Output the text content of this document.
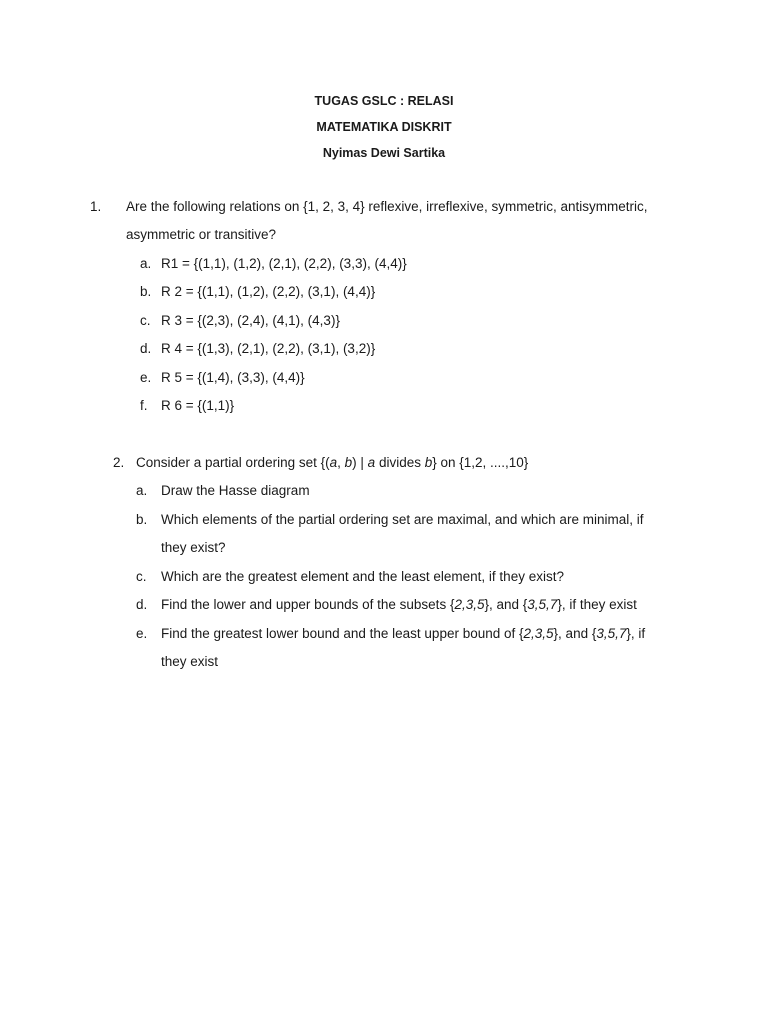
TUGAS GSLC : RELASI
MATEMATIKA DISKRIT
Nyimas Dewi Sartika
1. Are the following relations on {1, 2, 3, 4} reflexive, irreflexive, symmetric, antisymmetric,
asymmetric or transitive?
a. R1 = {(1,1), (1,2), (2,1), (2,2), (3,3), (4,4)}
b. R 2 = {(1,1), (1,2), (2,2), (3,1), (4,4)}
c. R 3 = {(2,3), (2,4), (4,1), (4,3)}
d. R 4 = {(1,3), (2,1), (2,2), (3,1), (3,2)}
e. R 5 = {(1,4), (3,3), (4,4)}
f. R 6 = {(1,1)}
2. Consider a partial ordering set {(a, b) | a divides b} on {1,2, ....,10}
a. Draw the Hasse diagram
b. Which elements of the partial ordering set are maximal, and which are minimal, if
they exist?
c. Which are the greatest element and the least element, if they exist?
d. Find the lower and upper bounds of the subsets {2,3,5}, and {3,5,7}, if they exist
e. Find the greatest lower bound and the least upper bound of {2,3,5}, and {3,5,7}, if
they exist
